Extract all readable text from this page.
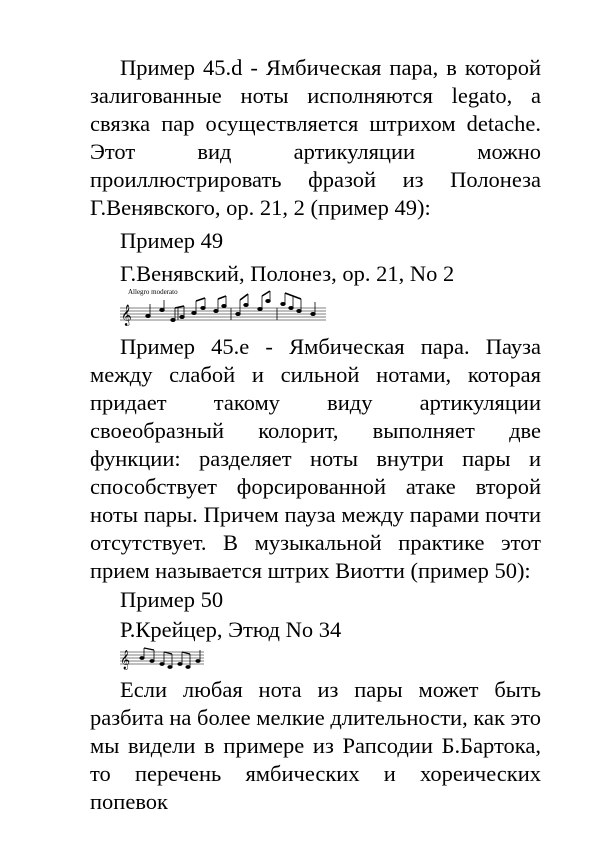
Пример 45.d - Ямбическая пара, в которой
залигованные ноты исполняются legato, а
связка пар осуществляется штрихом detache.
Этот вид артикуляции можно
проиллюстрировать фразой из Полонеза
Г.Венявского, ор. 21, 2 (пример 49):
Пример 49
Г.Венявский, Полонез, ор. 21, No 2
Allegro moderato
𝄞
Пример 45.e - Ямбическая пара. Пауза
между слабой и сильной нотами, которая
придает такому виду артикуляции
своеобразный колорит, выполняет две
функции: разделяет ноты внутри пары и
способствует форсированной атаке второй
ноты пары. Причем пауза между парами почти
отсутствует. В музыкальной практике этот
прием называется штрих Виотти (пример 50):
Пример 50
Р.Крейцер, Этюд No 34
𝄞
Если любая нота из пары может быть
разбита на более мелкие длительности, как это
мы видели в примере из Рапсодии Б.Бартока,
то перечень ямбических и хореических попевок
